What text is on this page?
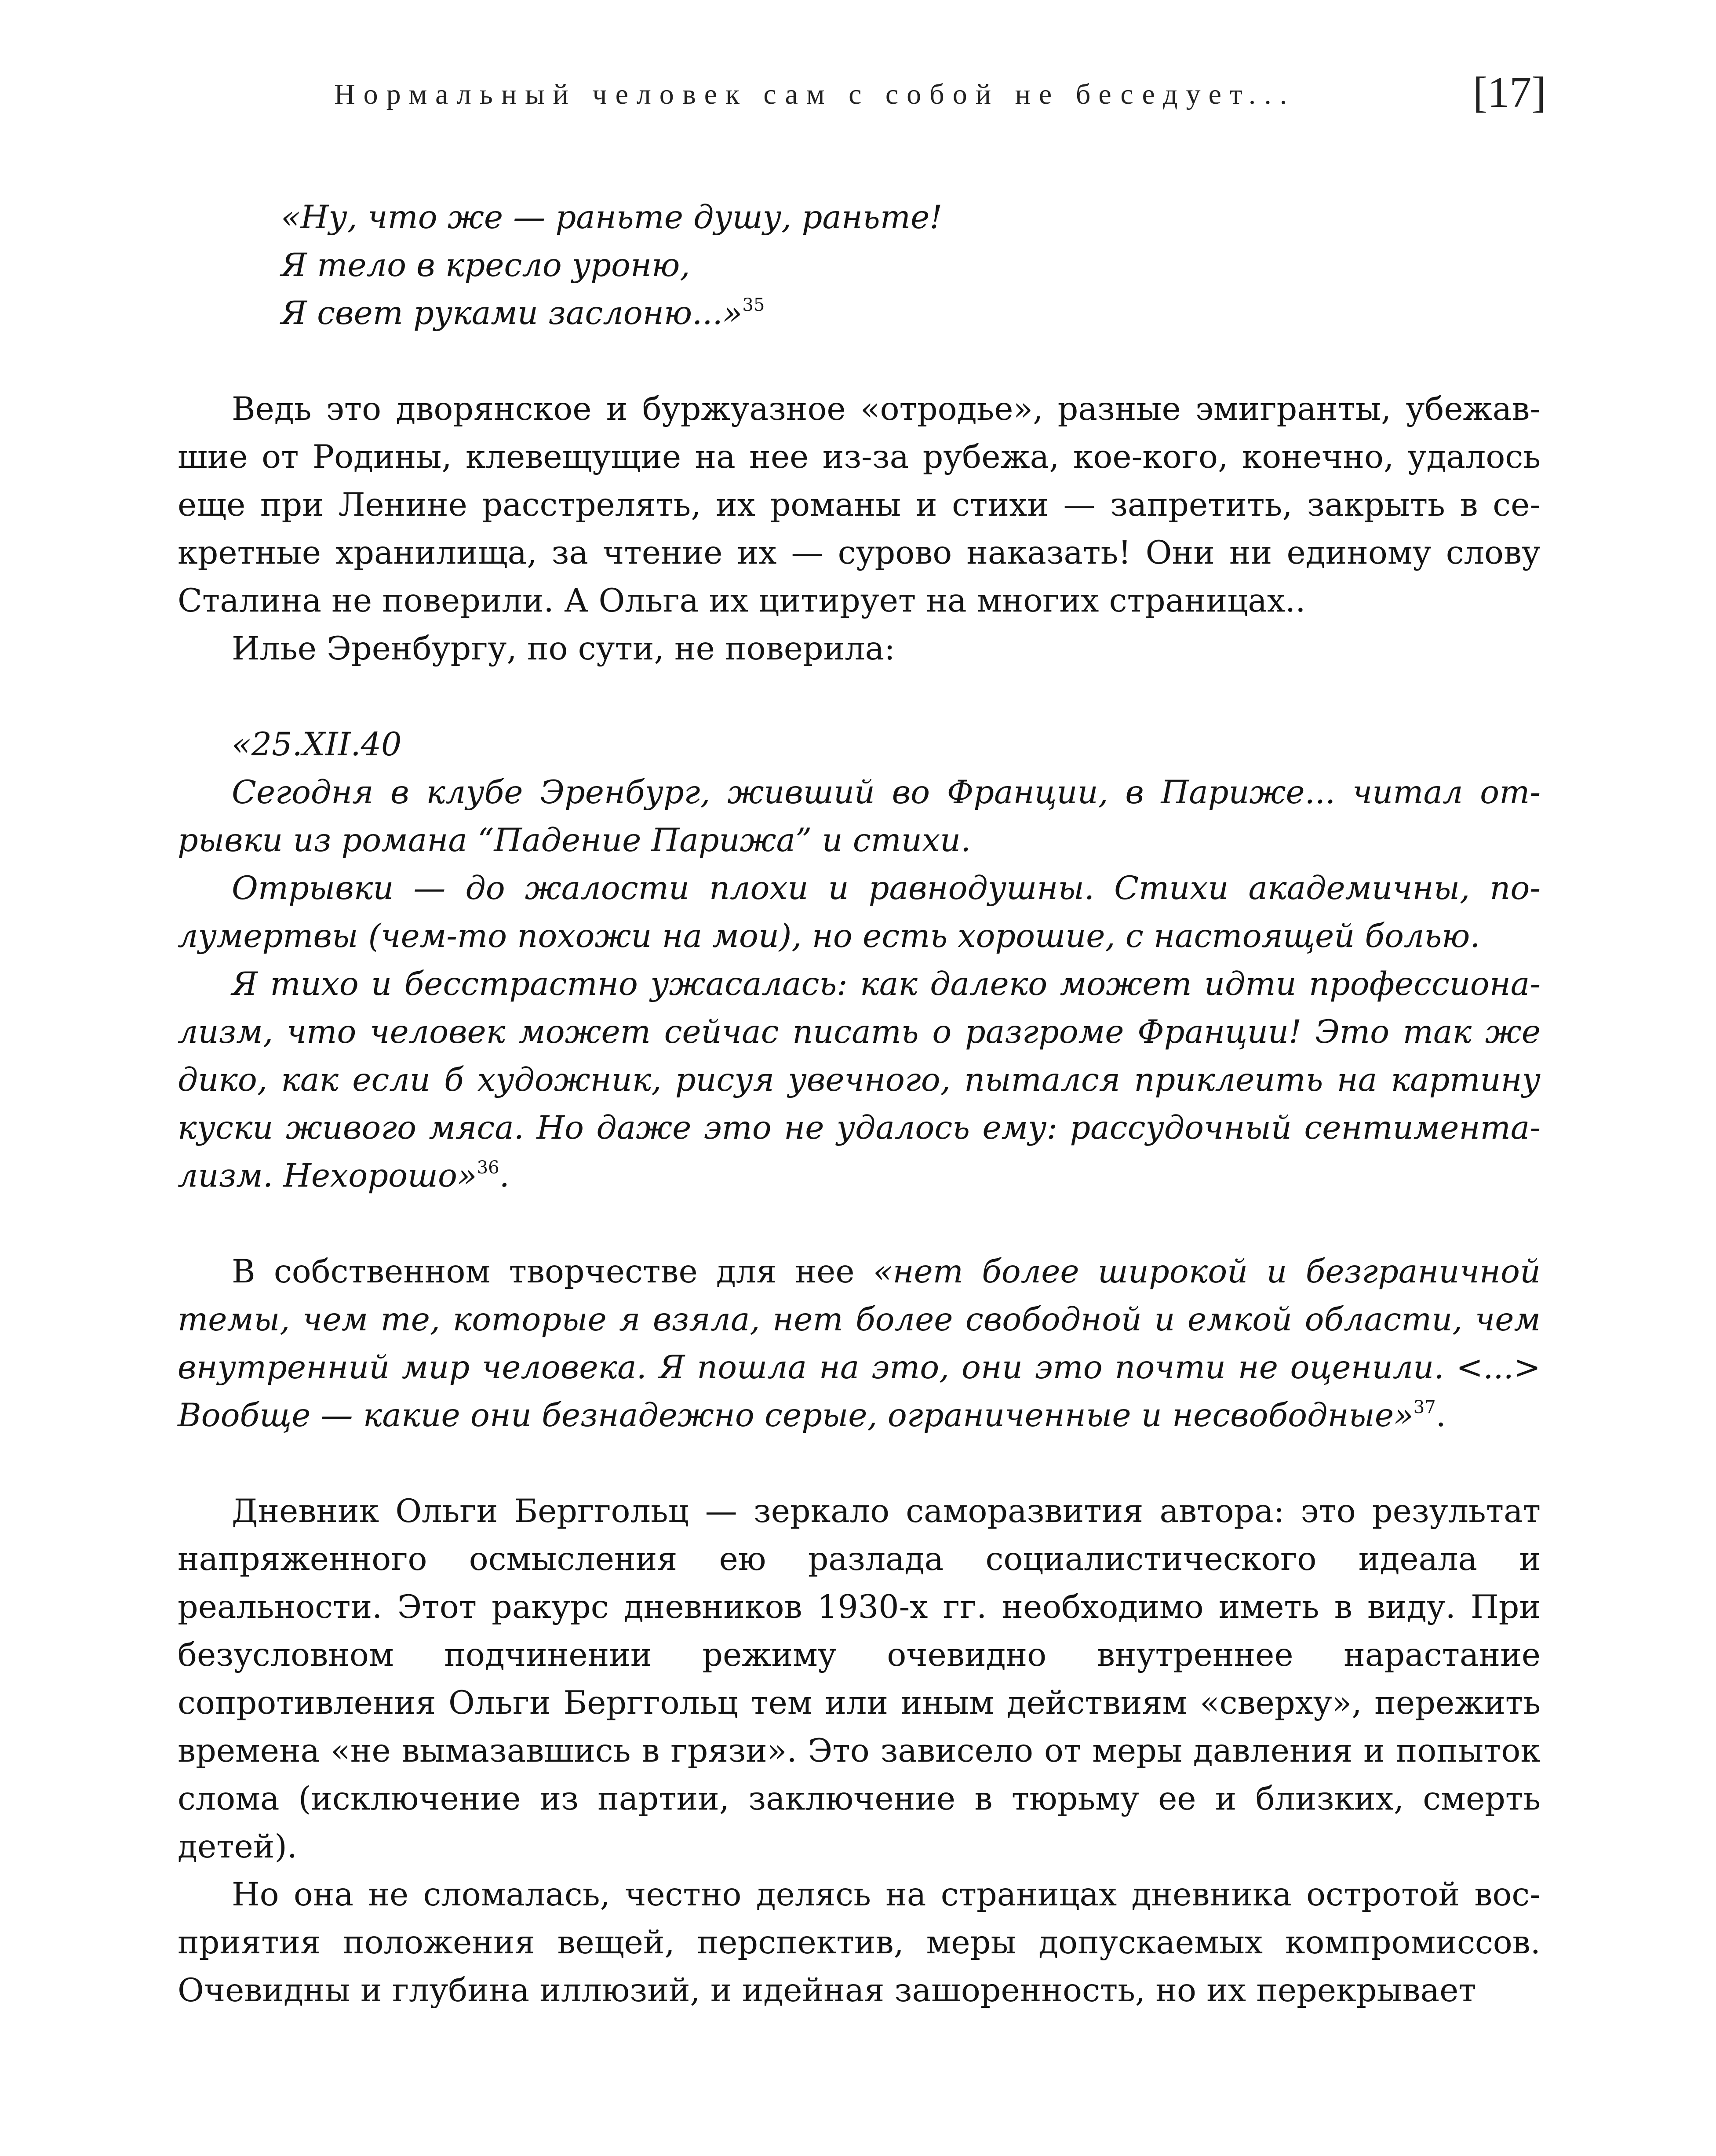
Нормальный человек сам с собой не беседует...	[17]
«Ну, что же — раньте душу, раньте!
Я тело в кресло уроню,
Я свет руками заслоню...»$^{35}$

Ведь это дворянское и буржуазное «отродье», разные эмигранты, убежавшие от Родины, клевещущие на нее из-за рубежа, кое-кого, конечно, удалось еще при Ленине расстрелять, их романы и стихи — запретить, закрыть в секретные хранилища, за чтение их — сурово наказать! Они ни единому слову Сталина не поверили. А Ольга их цитирует на многих страницах..

Илье Эренбургу, по сути, не поверила:

«25.XII.40

Сегодня в клубе Эренбург, живший во Франции, в Париже... читал отрывки из романа “Падение Парижа” и стихи.

Отрывки — до жалости плохи и равнодушны. Стихи академичны, полумертвы (чем-то похожи на мои), но есть хорошие, с настоящей болью.

Я тихо и бесстрастно ужасалась: как далеко может идти профессионализм, что человек может сейчас писать о разгроме Франции! Это так же дико, как если б художник, рисуя увечного, пытался приклеить на картину куски живого мяса. Но даже это не удалось ему: рассудочный сентиментализм. Нехорошо»$^{36}$.

В собственном творчестве для нее «нет более широкой и безграничной темы, чем те, которые я взяла, нет более свободной и емкой области, чем внутренний мир человека. Я пошла на это, они это почти не оценили. <...> Вообще — какие они безнадежно серые, ограниченные и несвободные»$^{37}$.

Дневник Ольги Берггольц — зеркало саморазвития автора: это результат напряженного осмысления ею разлада социалистического идеала и реальности. Этот ракурс дневников 1930-х гг. необходимо иметь в виду. При безусловном подчинении режиму очевидно внутреннее нарастание сопротивления Ольги Берггольц тем или иным действиям «сверху», пережить времена «не вымазавшись в грязи». Это зависело от меры давления и попыток слома (исключение из партии, заключение в тюрьму ее и близких, смерть детей).

Но она не сломалась, честно делясь на страницах дневника остротой восприятия положения вещей, перспектив, меры допускаемых компромиссов. Очевидны и глубина иллюзий, и идейная зашоренность, но их перекрывает
